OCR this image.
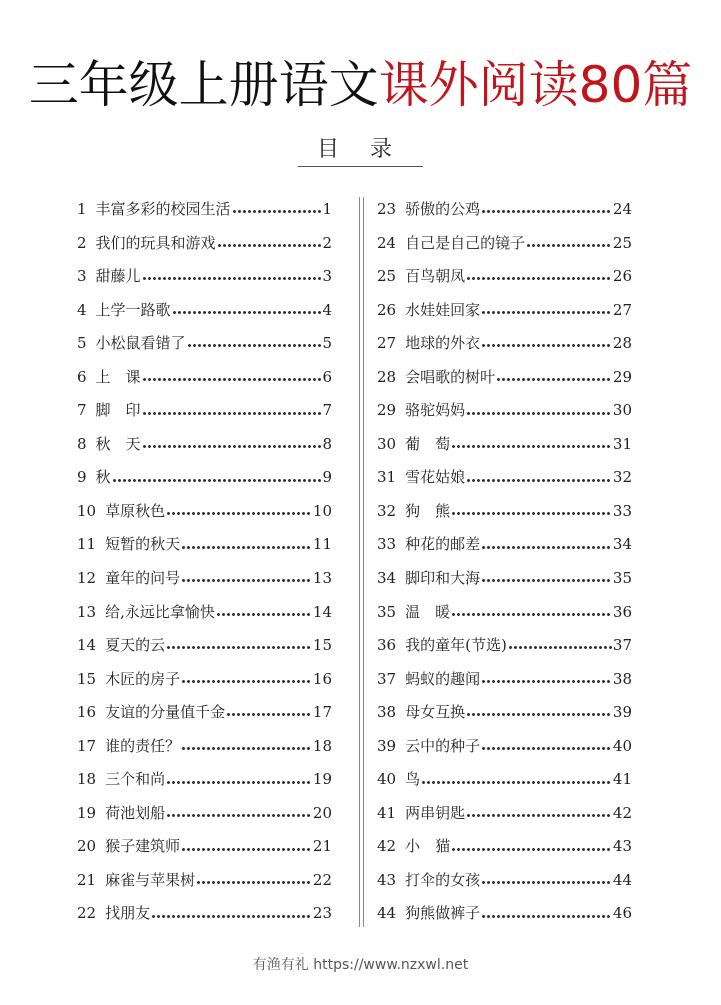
三年级上册语文课外阅读80篇
目 录
1 丰富多彩的校园生活	1
2 我们的玩具和游戏	2
3 甜藤儿	3
4 上学一路歌	4
5 小松鼠看错了	5
6 上　课	6
7 脚　印	7
8 秋　天	8
9 秋	9
10 草原秋色	10
11 短暂的秋天	11
12 童年的问号	13
13 给,永远比拿愉快	14
14 夏天的云	15
15 木匠的房子	16
16 友谊的分量值千金	17
17 谁的责任？	18
18 三个和尚	19
19 荷池划船	20
20 猴子建筑师	21
21 麻雀与苹果树	22
22 找朋友	23
23 骄傲的公鸡	24
24 自己是自己的镜子	25
25 百鸟朝凤	26
26 水娃娃回家	27
27 地球的外衣	28
28 会唱歌的树叶	29
29 骆驼妈妈	30
30 葡　萄	31
31 雪花姑娘	32
32 狗　熊	33
33 种花的邮差	34
34 脚印和大海	35
35 温　暖	36
36 我的童年(节选)	37
37 蚂蚁的趣闻	38
38 母女互换	39
39 云中的种子	40
40 鸟	41
41 两串钥匙	42
42 小　猫	43
43 打伞的女孩	44
44 狗熊做裤子	46
有渔有礼 https://www.nzxwl.net
